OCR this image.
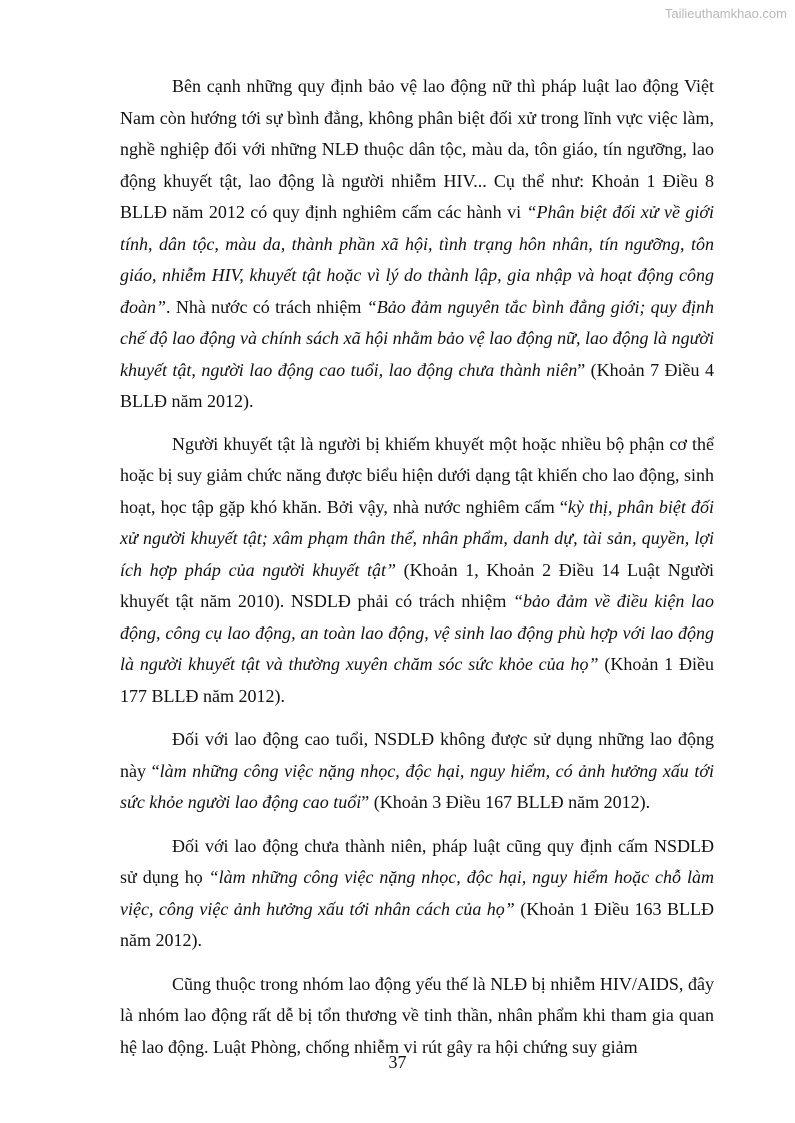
Tailieuthamkhao.com

Bên cạnh những quy định bảo vệ lao động nữ thì pháp luật lao động Việt Nam còn hướng tới sự bình đẳng, không phân biệt đối xử trong lĩnh vực việc làm, nghề nghiệp đối với những NLĐ thuộc dân tộc, màu da, tôn giáo, tín ngưỡng, lao động khuyết tật, lao động là người nhiễm HIV... Cụ thể như: Khoản 1 Điều 8 BLLĐ năm 2012 có quy định nghiêm cấm các hành vi “Phân biệt đối xử về giới tính, dân tộc, màu da, thành phần xã hội, tình trạng hôn nhân, tín ngưỡng, tôn giáo, nhiễm HIV, khuyết tật hoặc vì lý do thành lập, gia nhập và hoạt động công đoàn”. Nhà nước có trách nhiệm “Bảo đảm nguyên tắc bình đẳng giới; quy định chế độ lao động và chính sách xã hội nhằm bảo vệ lao động nữ, lao động là người khuyết tật, người lao động cao tuổi, lao động chưa thành niên” (Khoản 7 Điều 4 BLLĐ năm 2012).

Người khuyết tật là người bị khiếm khuyết một hoặc nhiều bộ phận cơ thể hoặc bị suy giảm chức năng được biểu hiện dưới dạng tật khiến cho lao động, sinh hoạt, học tập gặp khó khăn. Bởi vậy, nhà nước nghiêm cấm “kỳ thị, phân biệt đối xử người khuyết tật; xâm phạm thân thể, nhân phẩm, danh dự, tài sản, quyền, lợi ích hợp pháp của người khuyết tật” (Khoản 1, Khoản 2 Điều 14 Luật Người khuyết tật năm 2010). NSDLĐ phải có trách nhiệm “bảo đảm về điều kiện lao động, công cụ lao động, an toàn lao động, vệ sinh lao động phù hợp với lao động là người khuyết tật và thường xuyên chăm sóc sức khỏe của họ” (Khoản 1 Điều 177 BLLĐ năm 2012).

Đối với lao động cao tuổi, NSDLĐ không được sử dụng những lao động này “làm những công việc nặng nhọc, độc hại, nguy hiểm, có ảnh hưởng xấu tới sức khỏe người lao động cao tuổi” (Khoản 3 Điều 167 BLLĐ năm 2012).

Đối với lao động chưa thành niên, pháp luật cũng quy định cấm NSDLĐ sử dụng họ “làm những công việc nặng nhọc, độc hại, nguy hiểm hoặc chỗ làm việc, công việc ảnh hưởng xấu tới nhân cách của họ” (Khoản 1 Điều 163 BLLĐ năm 2012).

Cũng thuộc trong nhóm lao động yếu thế là NLĐ bị nhiễm HIV/AIDS, đây là nhóm lao động rất dễ bị tổn thương về tinh thần, nhân phẩm khi tham gia quan hệ lao động. Luật Phòng, chống nhiễm vi rút gây ra hội chứng suy giảm

37
